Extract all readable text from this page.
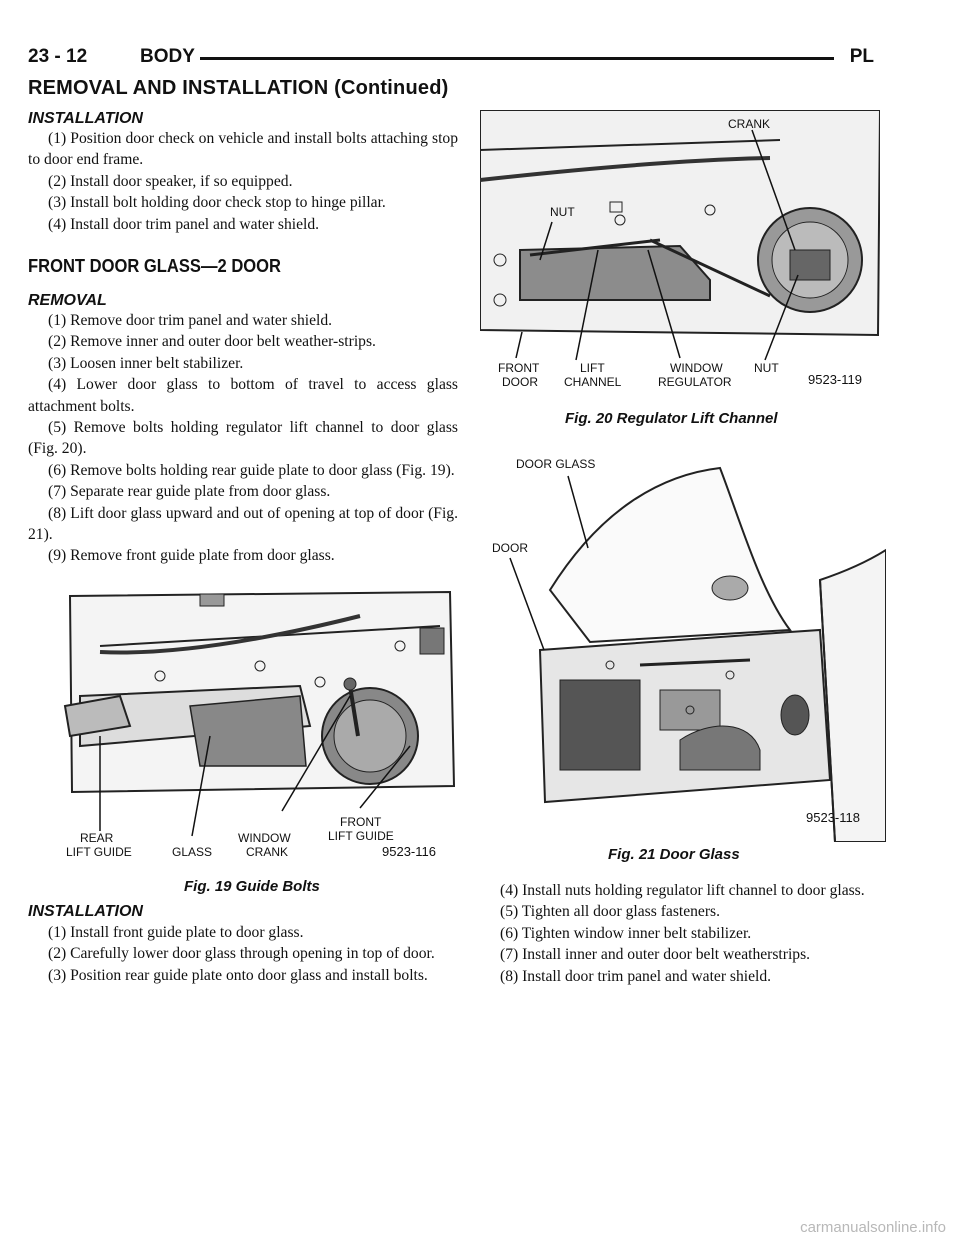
23 - 12	BODY	PL
REMOVAL AND INSTALLATION (Continued)
INSTALLATION

(1) Position door check on vehicle and install bolts attaching stop to door end frame.

(2) Install door speaker, if so equipped.

(3) Install bolt holding door check stop to hinge pillar.

(4) Install door trim panel and water shield.

FRONT DOOR GLASS—2 DOOR
REMOVAL

(1) Remove door trim panel and water shield.

(2) Remove inner and outer door belt weather-strips.

(3) Loosen inner belt stabilizer.

(4) Lower door glass to bottom of travel to access glass attachment bolts.

(5) Remove bolts holding regulator lift channel to door glass (Fig. 20).

(6) Remove bolts holding rear guide plate to door glass (Fig. 19).

(7) Separate rear guide plate from door glass.

(8) Lift door glass upward and out of opening at top of door (Fig. 21).

(9) Remove front guide plate from door glass.

REAR
LIFT GUIDE	GLASS
WINDOW
CRANK
FRONT
LIFT GUIDE
9523-116
Fig. 19 Guide Bolts
INSTALLATION

(1) Install front guide plate to door glass.

(2) Carefully lower door glass through opening in top of door.

(3) Position rear guide plate onto door glass and install bolts.

CRANK
NUT
FRONT
DOOR
LIFT
CHANNEL
WINDOW
REGULATOR
NUT
9523-119
Fig. 20 Regulator Lift Channel
DOOR GLASS
DOOR
9523-118
Fig. 21 Door Glass

(4) Install nuts holding regulator lift channel to door glass.

(5) Tighten all door glass fasteners.

(6) Tighten window inner belt stabilizer.

(7) Install inner and outer door belt weatherstrips.

(8) Install door trim panel and water shield.

carmanualsonline.info
